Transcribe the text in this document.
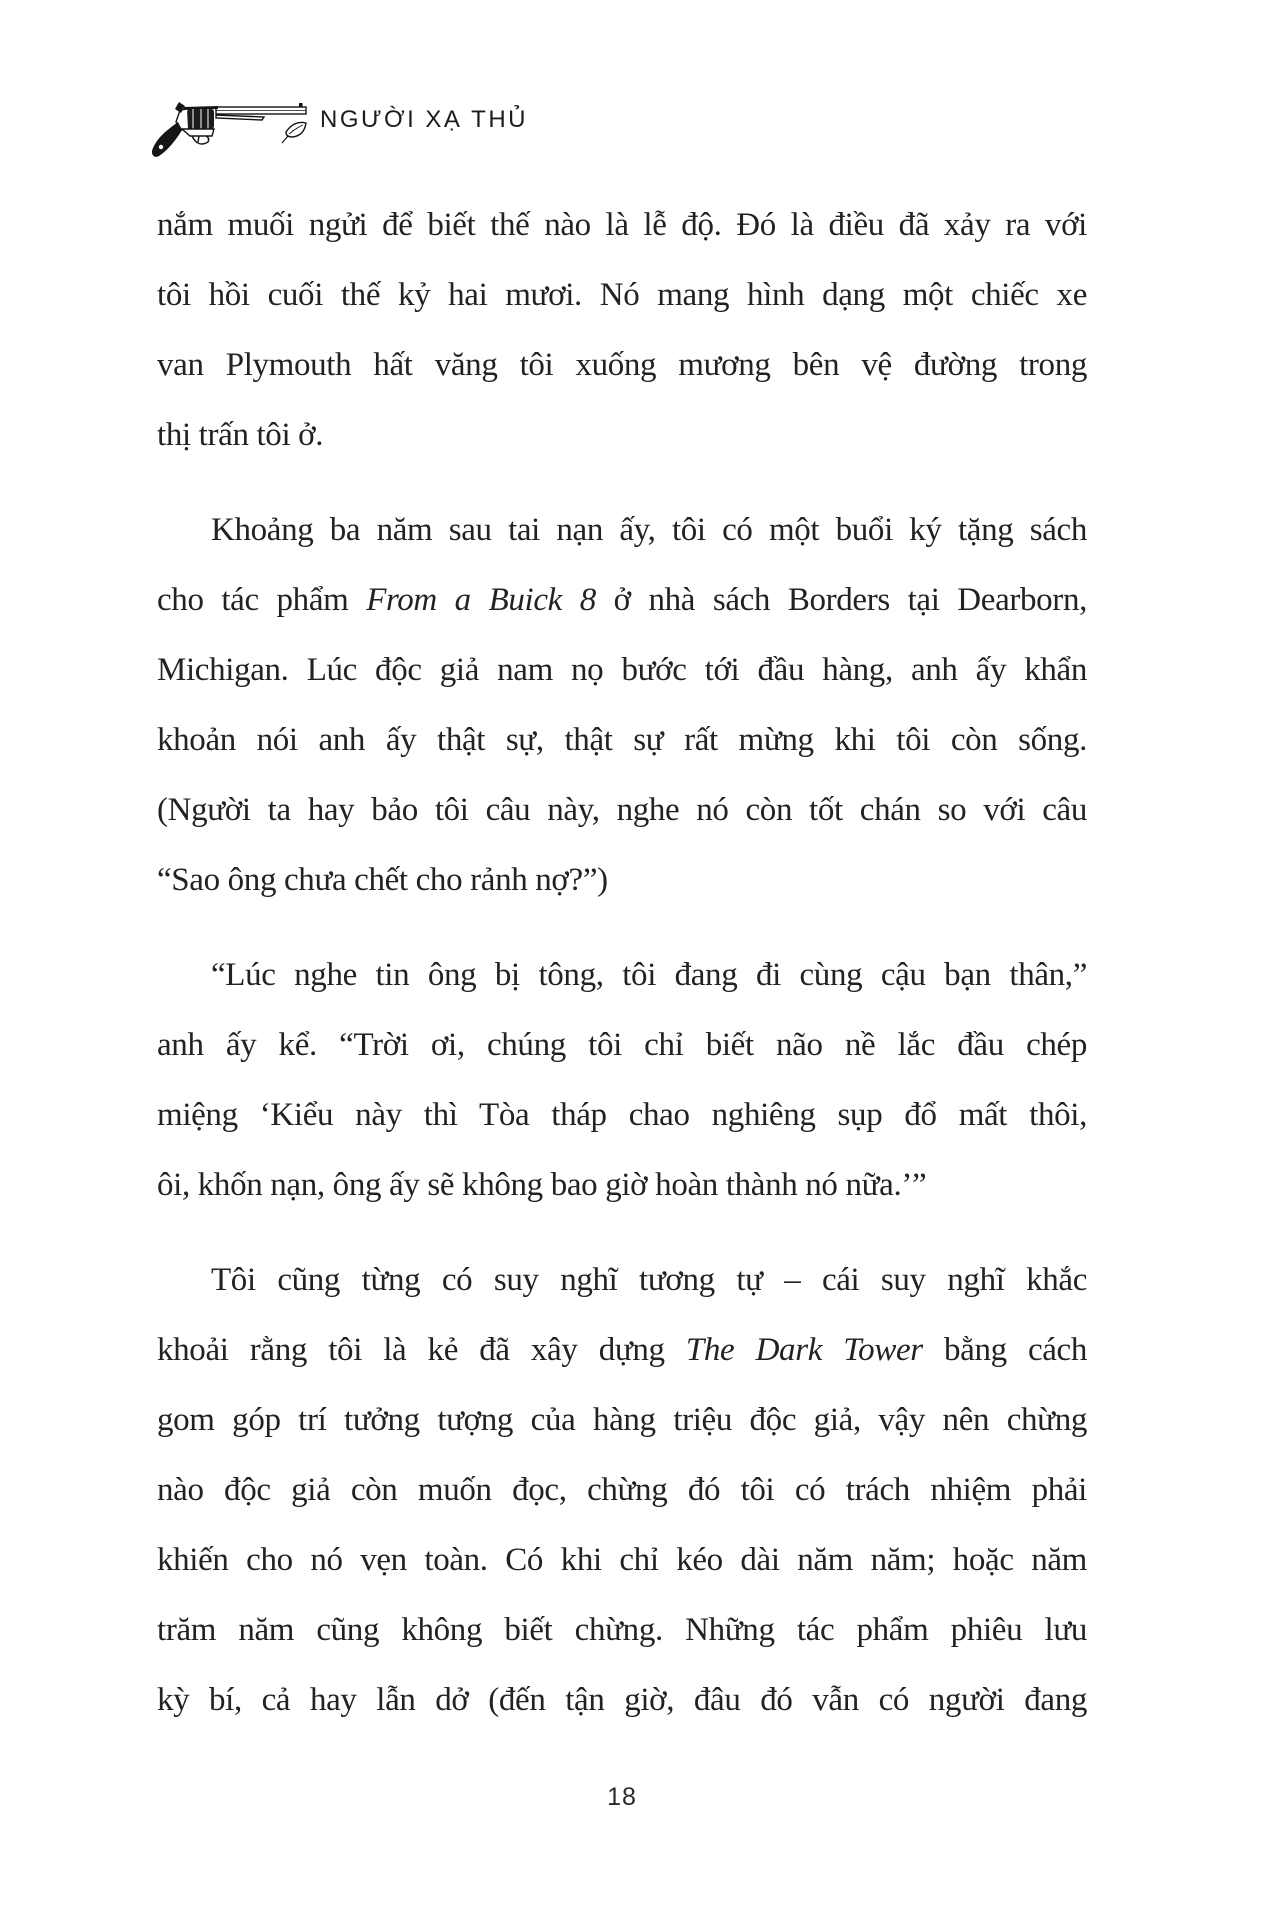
NGƯỜI XẠ THỦ
nắm muối ngửi để biết thế nào là lễ độ. Đó là điều đã xảy ra với
tôi hồi cuối thế kỷ hai mươi. Nó mang hình dạng một chiếc xe
van Plymouth hất văng tôi xuống mương bên vệ đường trong
thị trấn tôi ở.
Khoảng ba năm sau tai nạn ấy, tôi có một buổi ký tặng sách
cho tác phẩm From a Buick 8 ở nhà sách Borders tại Dearborn,
Michigan. Lúc độc giả nam nọ bước tới đầu hàng, anh ấy khẩn
khoản nói anh ấy thật sự, thật sự rất mừng khi tôi còn sống.
(Người ta hay bảo tôi câu này, nghe nó còn tốt chán so với câu
“Sao ông chưa chết cho rảnh nợ?”)
“Lúc nghe tin ông bị tông, tôi đang đi cùng cậu bạn thân,”
anh ấy kể. “Trời ơi, chúng tôi chỉ biết não nề lắc đầu chép
miệng ‘Kiểu này thì Tòa tháp chao nghiêng sụp đổ mất thôi,
ôi, khốn nạn, ông ấy sẽ không bao giờ hoàn thành nó nữa.’”
Tôi cũng từng có suy nghĩ tương tự – cái suy nghĩ khắc
khoải rằng tôi là kẻ đã xây dựng The Dark Tower bằng cách
gom góp trí tưởng tượng của hàng triệu độc giả, vậy nên chừng
nào độc giả còn muốn đọc, chừng đó tôi có trách nhiệm phải
khiến cho nó vẹn toàn. Có khi chỉ kéo dài năm năm; hoặc năm
trăm năm cũng không biết chừng. Những tác phẩm phiêu lưu
kỳ bí, cả hay lẫn dở (đến tận giờ, đâu đó vẫn có người đang
18
